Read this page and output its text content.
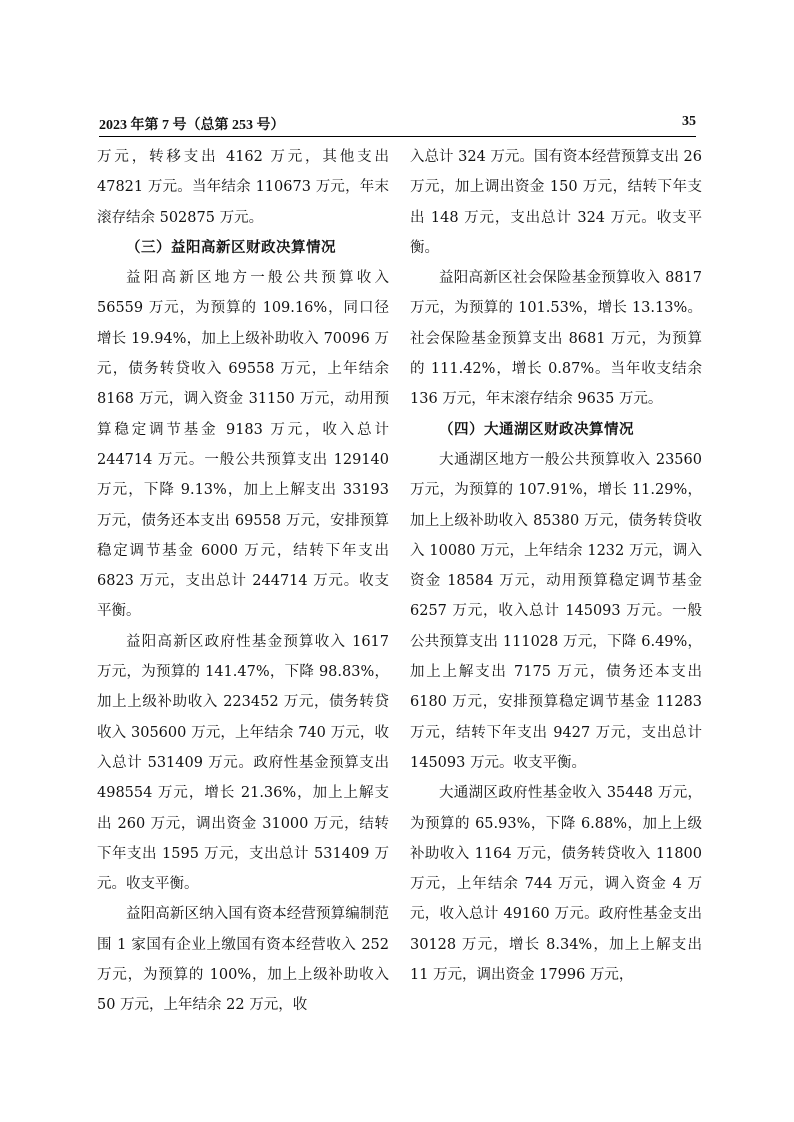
2023 年第 7 号（总第 253 号）	35

万元，转移支出 4162 万元，其他支出 47821 万元。当年结余 110673 万元，年末滚存结余 502875 万元。

（三）益阳高新区财政决算情况

益阳高新区地方一般公共预算收入 56559 万元，为预算的 109.16%，同口径增长 19.94%，加上上级补助收入 70096 万元，债务转贷收入 69558 万元，上年结余 8168 万元，调入资金 31150 万元，动用预算稳定调节基金 9183 万元，收入总计 244714 万元。一般公共预算支出 129140 万元，下降 9.13%，加上上解支出 33193 万元，债务还本支出 69558 万元，安排预算稳定调节基金 6000 万元，结转下年支出 6823 万元，支出总计 244714 万元。收支平衡。

益阳高新区政府性基金预算收入 1617 万元，为预算的 141.47%，下降 98.83%，加上上级补助收入 223452 万元，债务转贷收入 305600 万元，上年结余 740 万元，收入总计 531409 万元。政府性基金预算支出 498554 万元，增长 21.36%，加上上解支出 260 万元，调出资金 31000 万元，结转下年支出 1595 万元，支出总计 531409 万元。收支平衡。

益阳高新区纳入国有资本经营预算编制范围 1 家国有企业上缴国有资本经营收入 252 万元，为预算的 100%，加上上级补助收入 50 万元，上年结余 22 万元，收

入总计 324 万元。国有资本经营预算支出 26 万元，加上调出资金 150 万元，结转下年支出 148 万元，支出总计 324 万元。收支平衡。

益阳高新区社会保险基金预算收入 8817 万元，为预算的 101.53%，增长 13.13%。社会保险基金预算支出 8681 万元，为预算的 111.42%，增长 0.87%。当年收支结余 136 万元，年末滚存结余 9635 万元。

（四）大通湖区财政决算情况

大通湖区地方一般公共预算收入 23560 万元，为预算的 107.91%，增长 11.29%，加上上级补助收入 85380 万元，债务转贷收入 10080 万元，上年结余 1232 万元，调入资金 18584 万元，动用预算稳定调节基金 6257 万元，收入总计 145093 万元。一般公共预算支出 111028 万元，下降 6.49%，加上上解支出 7175 万元，债务还本支出 6180 万元，安排预算稳定调节基金 11283 万元，结转下年支出 9427 万元，支出总计 145093 万元。收支平衡。

大通湖区政府性基金收入 35448 万元，为预算的 65.93%，下降 6.88%，加上上级补助收入 1164 万元，债务转贷收入 11800 万元，上年结余 744 万元，调入资金 4 万元，收入总计 49160 万元。政府性基金支出 30128 万元，增长 8.34%，加上上解支出 11 万元，调出资金 17996 万元，
